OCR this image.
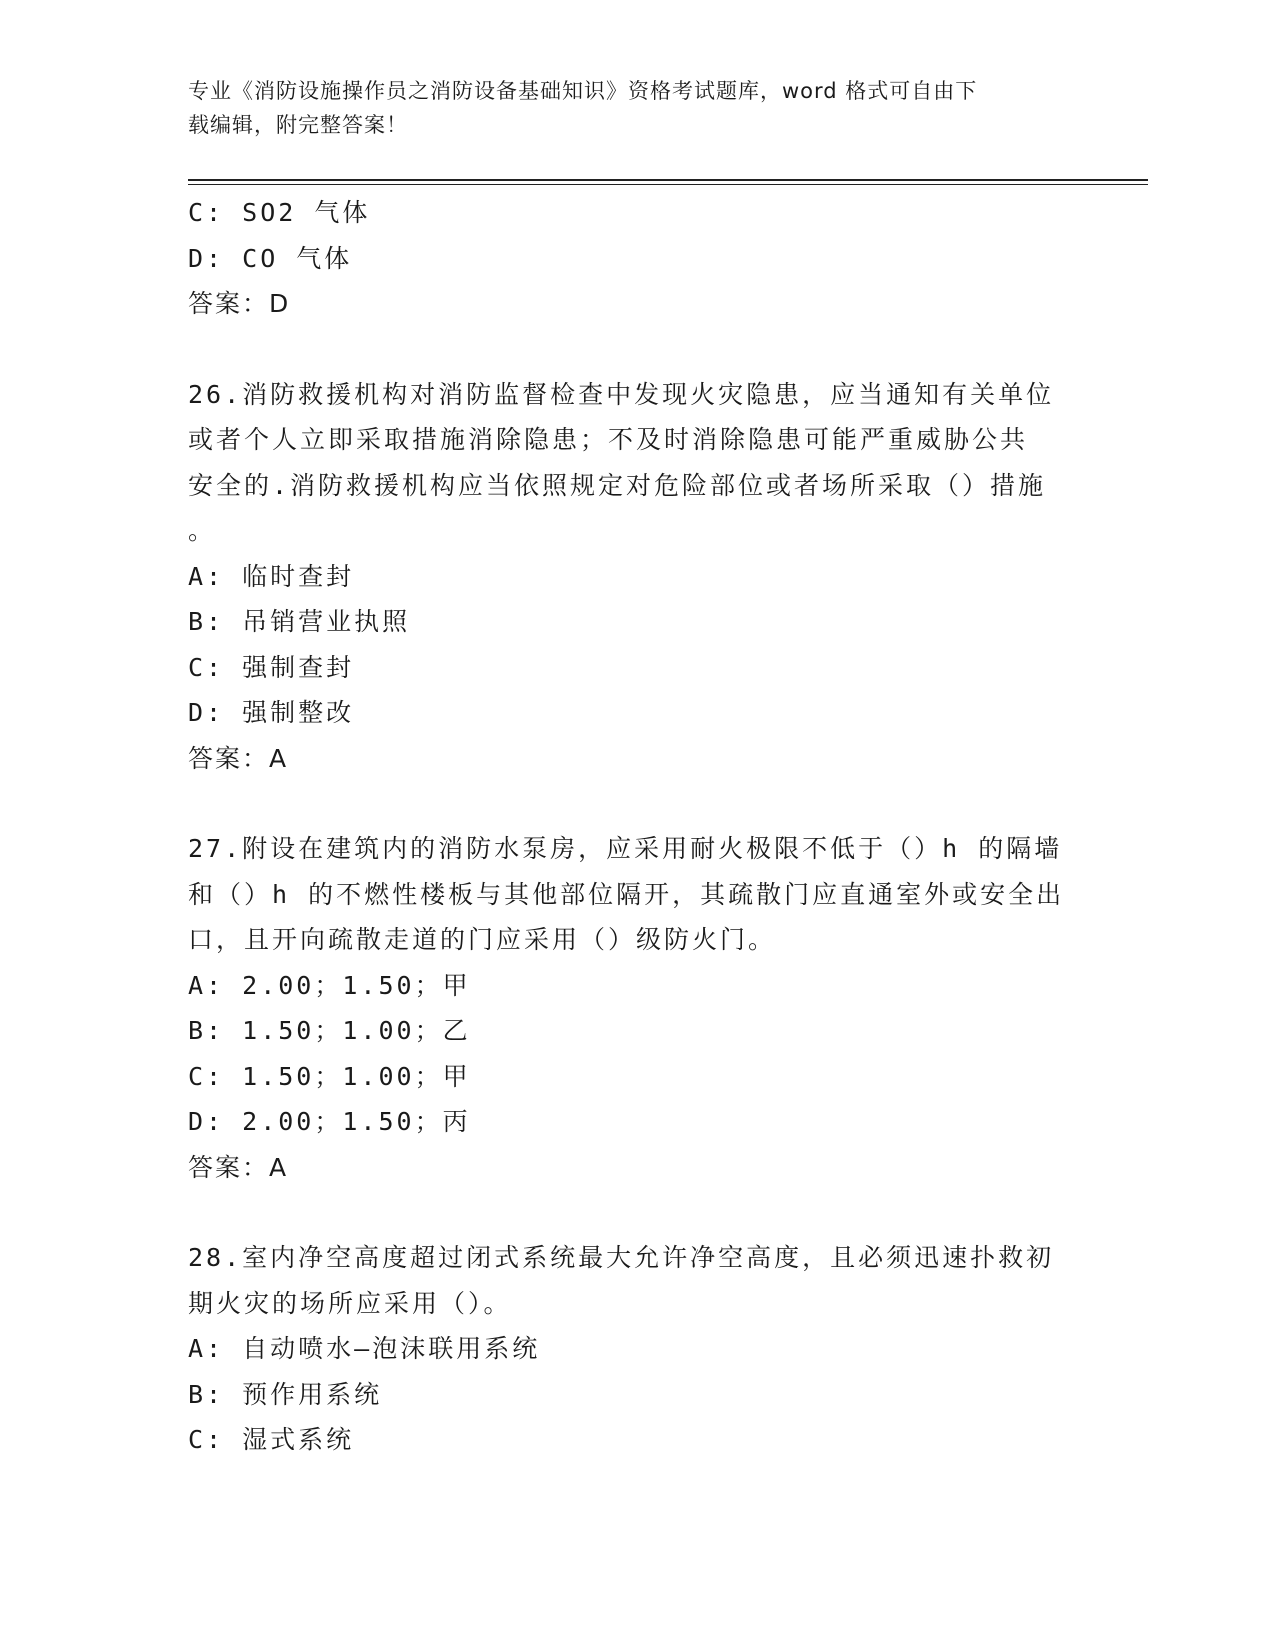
专业《消防设施操作员之消防设备基础知识》资格考试题库，word 格式可自由下
载编辑，附完整答案！
C: SO2 气体
D: CO 气体
答案：D
26.消防救援机构对消防监督检查中发现火灾隐患，应当通知有关单位
或者个人立即采取措施消除隐患；不及时消除隐患可能严重威胁公共
安全的.消防救援机构应当依照规定对危险部位或者场所采取（）措施
。
A: 临时查封
B: 吊销营业执照
C: 强制查封
D: 强制整改
答案：A
27.附设在建筑内的消防水泵房，应采用耐火极限不低于（）h 的隔墙
和（）h 的不燃性楼板与其他部位隔开，其疏散门应直通室外或安全出
口，且开向疏散走道的门应采用（）级防火门。
A: 2.00；1.50；甲
B: 1.50；1.00；乙
C: 1.50；1.00；甲
D: 2.00；1.50；丙
答案：A
28.室内净空高度超过闭式系统最大允许净空高度，且必须迅速扑救初
期火灾的场所应采用（）。
A: 自动喷水—泡沫联用系统
B: 预作用系统
C: 湿式系统
